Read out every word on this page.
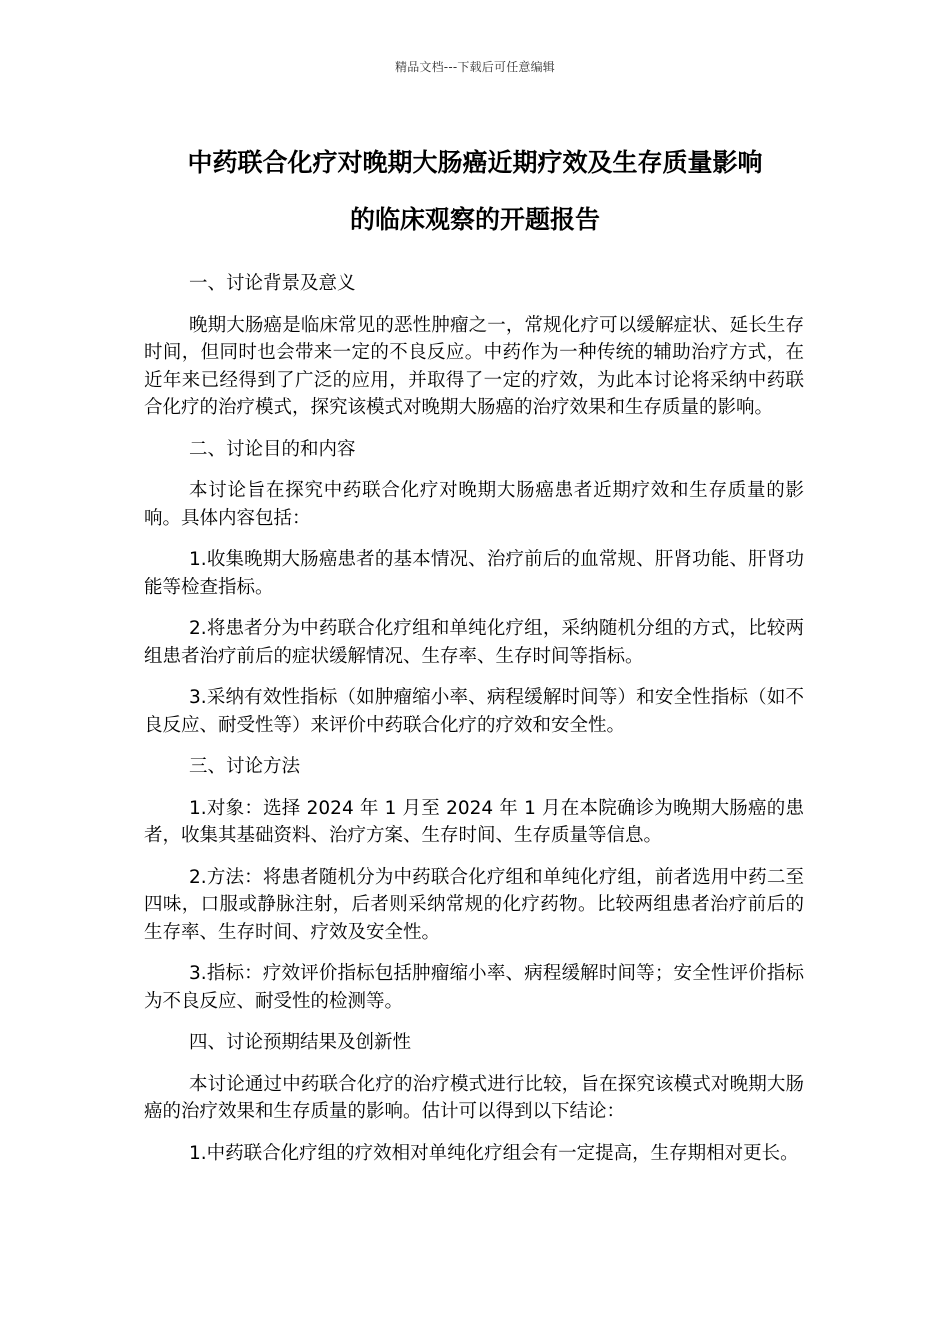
精品文档---下载后可任意编辑
中药联合化疗对晚期大肠癌近期疗效及生存质量影响
的临床观察的开题报告

一、讨论背景及意义

晚期大肠癌是临床常见的恶性肿瘤之一，常规化疗可以缓解症状、延长生存时间，但同时也会带来一定的不良反应。中药作为一种传统的辅助治疗方式，在近年来已经得到了广泛的应用，并取得了一定的疗效，为此本讨论将采纳中药联合化疗的治疗模式，探究该模式对晚期大肠癌的治疗效果和生存质量的影响。

二、讨论目的和内容

本讨论旨在探究中药联合化疗对晚期大肠癌患者近期疗效和生存质量的影响。具体内容包括：

1.收集晚期大肠癌患者的基本情况、治疗前后的血常规、肝肾功能、肝肾功能等检查指标。

2.将患者分为中药联合化疗组和单纯化疗组，采纳随机分组的方式，比较两组患者治疗前后的症状缓解情况、生存率、生存时间等指标。

3.采纳有效性指标（如肿瘤缩小率、病程缓解时间等）和安全性指标（如不良反应、耐受性等）来评价中药联合化疗的疗效和安全性。

三、讨论方法

1.对象：选择 2024 年 1 月至 2024 年 1 月在本院确诊为晚期大肠癌的患者，收集其基础资料、治疗方案、生存时间、生存质量等信息。

2.方法：将患者随机分为中药联合化疗组和单纯化疗组，前者选用中药二至四味，口服或静脉注射，后者则采纳常规的化疗药物。比较两组患者治疗前后的生存率、生存时间、疗效及安全性。

3.指标：疗效评价指标包括肿瘤缩小率、病程缓解时间等；安全性评价指标为不良反应、耐受性的检测等。

四、讨论预期结果及创新性

本讨论通过中药联合化疗的治疗模式进行比较，旨在探究该模式对晚期大肠癌的治疗效果和生存质量的影响。估计可以得到以下结论：

1.中药联合化疗组的疗效相对单纯化疗组会有一定提高，生存期相对更长。
